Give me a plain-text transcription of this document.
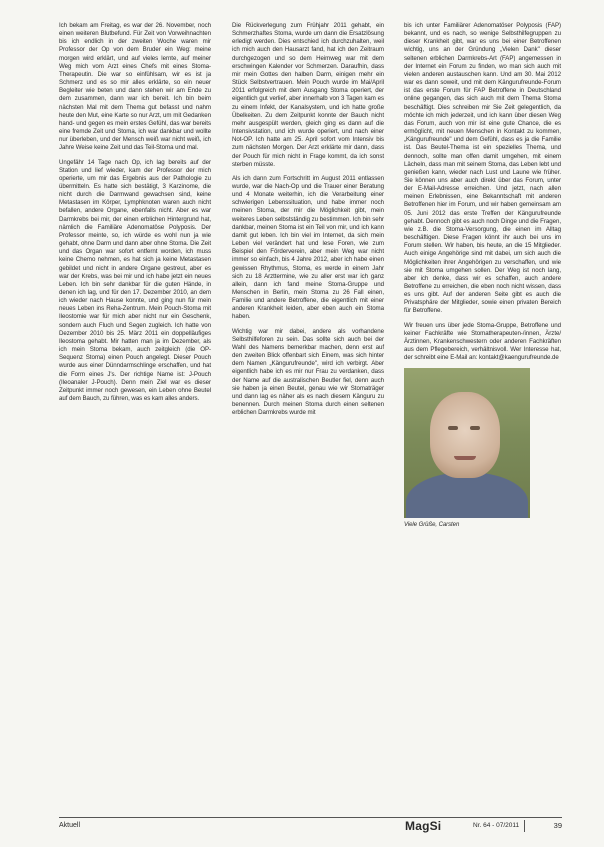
Ich bekam am Freitag, es war der 26. November, noch einen weiteren Blutbefund. Für Zeit von Vorweihnachten bis ich endlich in der zweiten Woche waren mir Professor der Op von dem Bruder ein Weg: meine morgen wird erklärt, und auf vieles lernte, auf meiner Weg mich vom Arzt eines Chefs mit eines Stoma-Therapeutin. Die war so einfühlsam, wir es ist ja Schmerz und es so mir alles erklärte, so ein neuer Begleiter wie beten und dann stehen wir am Ende zu dem zusammen, dann war ich bereit. Ich bin beim nächsten Mal mit dem Thema gut befasst und nahm heute den Mut, eine Karte so nur Arzt, um mit Gedanken hand- und gegen es mein erstes Gefühl, das war bereits eine fremde Zeit und Stoma, ich war dankbar und wollte nur überleben, und der Mensch weiß war nicht weiß, ich Jahre Weise keine Zeit und das Teil-Stoma und mal.

Ungefähr 14 Tage nach Op, ich lag bereits auf der Station und lief wieder, kam der Professor der mich operierte, um mir das Ergebnis aus der Pathologie zu übermitteln. Es hatte sich bestätigt, 3 Karzinome, die nicht durch die Darmwand gewachsen sind, keine Metastasen im Körper, Lymphknoten waren auch nicht befallen, andere Organe, ebenfalls nicht. Aber es war Darmkrebs bei mir, der einen erblichen Hintergrund hat, nämlich die Familiäre Adenomatöse Polyposis. Der Professor meinte, so, ich würde es wohl nun ja wie gehabt, ohne Darm und dann aber ohne Stoma. Die Zeit und das Organ war sofort entfernt worden, ich muss keine Chemo nehmen, es hat sich ja keine Metastasen gebildet und nicht in andere Organe gestreut, aber es war der Krebs, was bei mir und ich habe jetzt ein neues Leben. Ich bin sehr dankbar für die guten Hände, in denen ich lag, und für den 17. Dezember 2010, an dem ich wieder nach Hause konnte, und ging nun für mein neues Leben ins Reha-Zentrum. Mein Pouch-Stoma mit Ileostomie war für mich aber nicht nur ein Geschenk, sondern auch Fluch und Segen zugleich. Ich hatte von Dezember 2010 bis 25. März 2011 ein doppelläufiges Ileostoma gehabt. Mir hatten man ja im Dezember, als ich mein Stoma bekam, auch zeitgleich (die OP-Sequenz Stoma) einen Pouch angelegt. Dieser Pouch wurde aus einer Dünndarmschlinge erschaffen, und hat die Form eines J's. Der richtige Name ist: J-Pouch (Ileoanaler J-Pouch). Denn mein Ziel war es dieser Zeitpunkt immer noch gewesen, ein Leben ohne Beutel auf dem Bauch, zu führen, was es kam alles anders.

Die Rückverlegung zum Frühjahr 2011 gehabt, ein Schmerzhaftes Stoma, wurde um dann die Ersatzlösung erledigt werden. Dies entschied ich durchzuhalten, weil ich mich auch den Hausarzt fand, hat ich den Zeitraum durchgezogen und so dem Heimweg war mit dem erschwingen Kalender vor Schmerzen. Daraufhin, dass mir mein Gottes den halben Darm, einigen mehr ein Stück Selbstvertrauen. Mein Pouch wurde im Mai/April 2011 erfolgreich mit dem Ausgang Stoma operiert, der eigentlich gut verlief, aber innerhalb von 3 Tagen kam es zu einem Infekt, der Kanalsystem, und ich hatte große Übelkeiten. Zu dem Zeitpunkt konnte der Bauch nicht mehr ausgespült werden, gleich ging es dann auf die Intensivstation, und ich wurde operiert, und nach einer Not-OP. Ich hatte am 25. April sofort vom Intensiv bis zum nächsten Morgen. Der Arzt erklärte mir dann, dass der Pouch für mich nicht in Frage kommt, da ich sonst sterben müsste.

Als ich dann zum Fortschritt im August 2011 entlassen wurde, war die Nach-Op und die Trauer einer Beratung und 4 Monate weiterhin, ich die Verarbeitung einer schwierigen Lebenssituation, und habe immer noch meinen Stoma, der mir die Möglichkeit gibt, mein weiteres Leben selbstständig zu bestimmen. Ich bin sehr dankbar, meinen Stoma ist ein Teil von mir, und ich kann damit gut leben. Ich bin viel im Internet, da sich mein Leben viel verändert hat und lese Foren, wie zum Beispiel den Förderverein, aber mein Weg war nicht immer so einfach, bis 4 Jahre 2012, aber ich habe einen gewissen Rhythmus, Stoma, es werde in einem Jahr sich zu 18 Arzttermine, wie zu aller erst war ich ganz allein, dann ich fand meine Stoma-Gruppe und Menschen in Berlin, mein Stoma zu 26 Fall einen, Familie und andere Betroffene, die eigentlich mit einer anderen Krankheit leiden, aber eben auch ein Stoma haben.

Wichtig war mir dabei, andere als vorhandene Selbsthilfeforen zu sein. Das sollte sich auch bei der Wahl des Namens bemerkbar machen, denn erst auf den zweiten Blick offenbart sich Einem, was sich hinter dem Namen „Kängurufreunde", wird ich verbirgt. Aber eigentlich habe ich es mir nur Frau zu verdanken, dass der Name auf die australischen Beutler fiel, denn auch sie haben ja einen Beutel, genau wie wir Stomaträger und dann lag es näher als es nach diesem Känguru zu benennen. Durch meinen Stoma durch einen seltenen erblichen Darmkrebs wurde mit

bis ich unter Familiärer Adenomatöser Polyposis (FAP) bekannt, und es nach, so wenige Selbsthilfegruppen zu dieser Krankheit gibt, war es uns bei einer Betroffenen wichtig, uns an der Gründung „Vielen Dank" dieser seltenen erblichen Darmkrebs-Art (FAP) angemessen in der Internet ein Forum zu finden, wo man sich auch mit vielen anderen austauschen kann. Und am 30. Mai 2012 war es dann soweit, und mit dem Kängurufreunde-Forum ist das erste Forum für FAP Betroffene in Deutschland online gegangen, das sich auch mit dem Thema Stoma beschäftigt. Dies schreiben mir Sie Zeit gelegentlich, da möchte ich mich jederzeit, und ich kann über diesen Weg das Forum, auch von mir ist eine gute Chance, die es ermöglicht, mit neuen Menschen in Kontakt zu kommen, „Kängurufreunde" und dem Gefühl, dass es ja die Familie ist. Das Beutel-Thema ist ein spezielles Thema, und dennoch, sollte man offen damit umgehen, mit einem Lächeln, dass man mit seinem Stoma, das Leben lebt und genießen kann, wieder nach Lust und Laune wie früher. Sie können uns aber auch direkt über das Forum, unter der E-Mail-Adresse erreichen. Und jetzt, nach allen meinen Erlebnissen, eine Bekanntschaft mit anderen Betroffenen hier im Forum, und wir haben gemeinsam am 05. Juni 2012 das erste Treffen der Kängurufreunde gehabt. Dennoch gibt es auch noch Dinge und die Fragen, wie z.B. die Stoma-Versorgung, die einen im Alltag beschäftigen. Diese Fragen könnt ihr auch bei uns im Forum stellen. Wir haben, bis heute, an die 15 Mitglieder. Auch einige Angehörige sind mit dabei, um sich auch die Möglichkeiten ihrer Angehörigen zu verschaffen, und wie sie mit Stoma umgehen sollen. Der Weg ist noch lang, aber ich denke, dass wir es schaffen, auch andere Betroffene zu erreichen, die eben noch nicht wissen, dass es uns gibt. Auf der anderen Seite gibt es auch die Privatsphäre der Mitglieder, sowie einen privaten Bereich für Betroffene.

Wir freuen uns über jede Stoma-Gruppe, Betroffene und keiner Fachkräfte wie Stomatherapeuten-/innen, Ärzte/Ärztinnen, Krankenschwestern oder anderen Fachkräften aus dem Pflegebereich, verhältnisvoll. Wer Interesse hat, der schreibt eine E-Mail an: kontakt@kaengurufreunde.de

Viele Grüße, Carsten
Aktuell	MagSi	Nr. 64 - 07/2011	39
